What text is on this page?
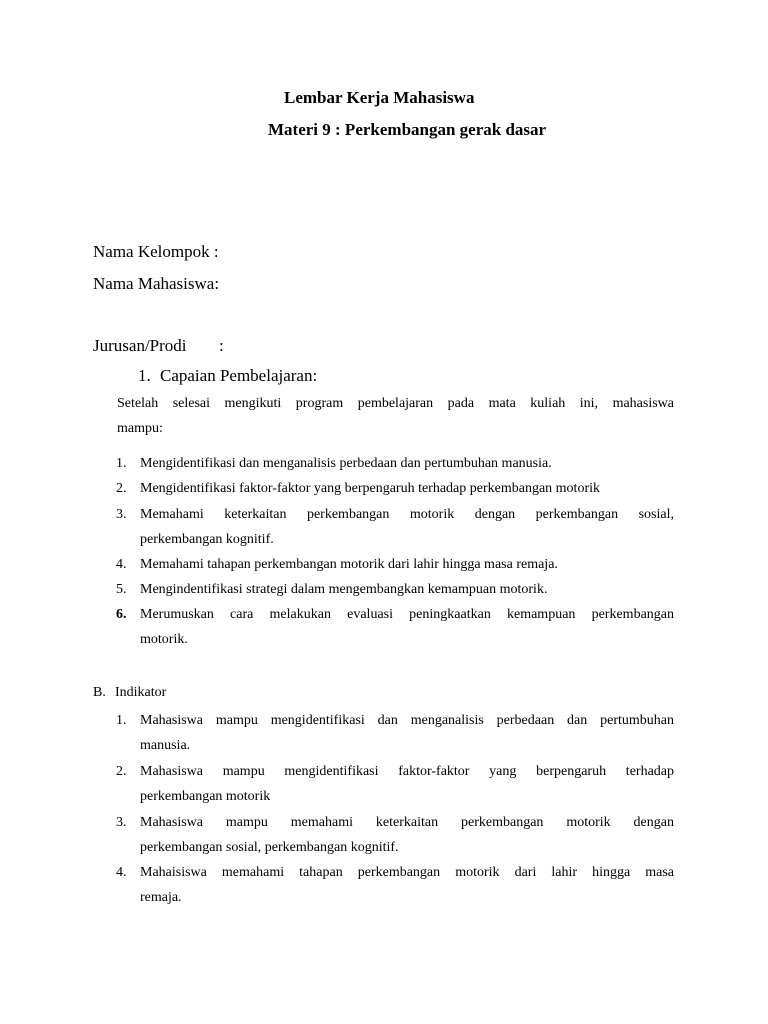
Lembar Kerja Mahasiswa
Materi 9 : Perkembangan gerak dasar
Nama Kelompok :
Nama Mahasiswa:
Jurusan/Prodi :
1. Capaian Pembelajaran:
Setelah selesai mengikuti program pembelajaran pada mata kuliah ini, mahasiswa
mampu:
1. Mengidentifikasi dan menganalisis perbedaan dan pertumbuhan manusia.
2. Mengidentifikasi faktor-faktor yang berpengaruh terhadap perkembangan motorik
3. Memahami keterkaitan perkembangan motorik dengan perkembangan sosial,
perkembangan kognitif.
4. Memahami tahapan perkembangan motorik dari lahir hingga masa remaja.
5. Mengindentifikasi strategi dalam mengembangkan kemampuan motorik.
6. Merumuskan cara melakukan evaluasi peningkaatkan kemampuan perkembangan
motorik.
B. Indikator
1. Mahasiswa mampu mengidentifikasi dan menganalisis perbedaan dan pertumbuhan
manusia.
2. Mahasiswa mampu mengidentifikasi faktor-faktor yang berpengaruh terhadap
perkembangan motorik
3. Mahasiswa mampu memahami keterkaitan perkembangan motorik dengan
perkembangan sosial, perkembangan kognitif.
4. Mahaisiswa memahami tahapan perkembangan motorik dari lahir hingga masa
remaja.
